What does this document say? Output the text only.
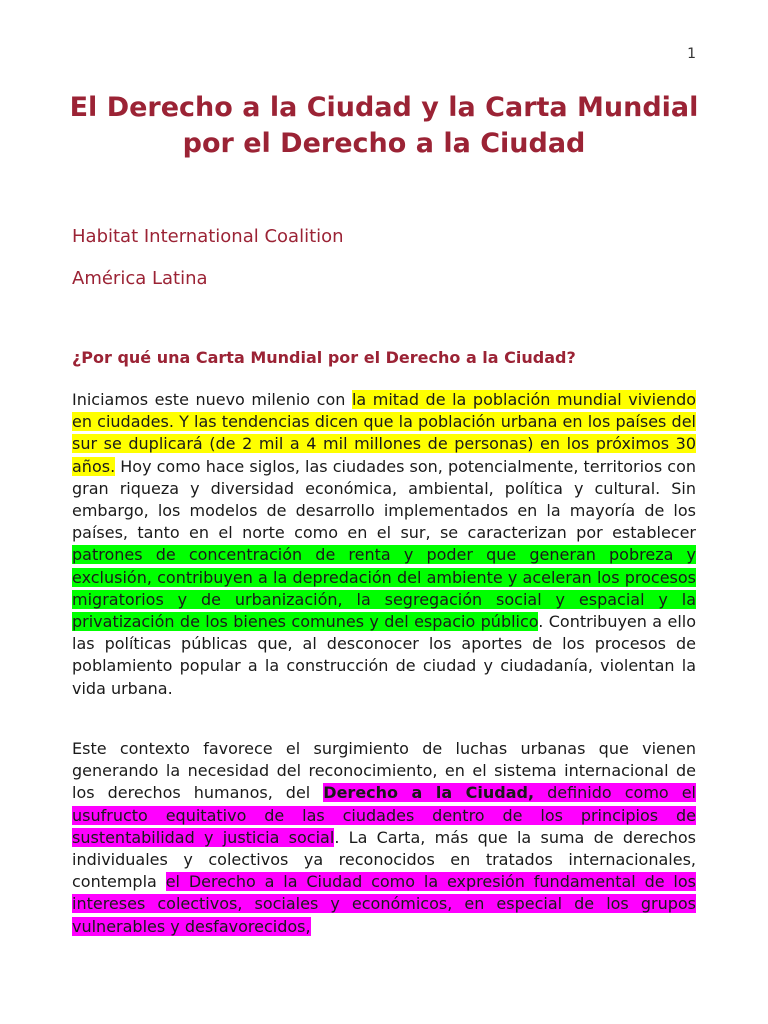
1
El Derecho a la Ciudad y la Carta Mundial por el Derecho a la Ciudad

Habitat International Coalition

América Latina

¿Por qué una Carta Mundial por el Derecho a la Ciudad?

Iniciamos este nuevo milenio con la mitad de la población mundial viviendo en ciudades. Y las tendencias dicen que la población urbana en los países del sur se duplicará (de 2 mil a 4 mil millones de personas) en los próximos 30 años. Hoy como hace siglos, las ciudades son, potencialmente, territorios con gran riqueza y diversidad económica, ambiental, política y cultural. Sin embargo, los modelos de desarrollo implementados en la mayoría de los países, tanto en el norte como en el sur, se caracterizan por establecer patrones de concentración de renta y poder que generan pobreza y exclusión, contribuyen a la depredación del ambiente y aceleran los procesos migratorios y de urbanización, la segregación social y espacial y la privatización de los bienes comunes y del espacio público. Contribuyen a ello las políticas públicas que, al desconocer los aportes de los procesos de poblamiento popular a la construcción de ciudad y ciudadanía, violentan la vida urbana.

Este contexto favorece el surgimiento de luchas urbanas que vienen generando la necesidad del reconocimiento, en el sistema internacional de los derechos humanos, del Derecho a la Ciudad, definido como el usufructo equitativo de las ciudades dentro de los principios de sustentabilidad y justicia social. La Carta, más que la suma de derechos individuales y colectivos ya reconocidos en tratados internacionales, contempla el Derecho a la Ciudad como la expresión fundamental de los intereses colectivos, sociales y económicos, en especial de los grupos vulnerables y desfavorecidos,
